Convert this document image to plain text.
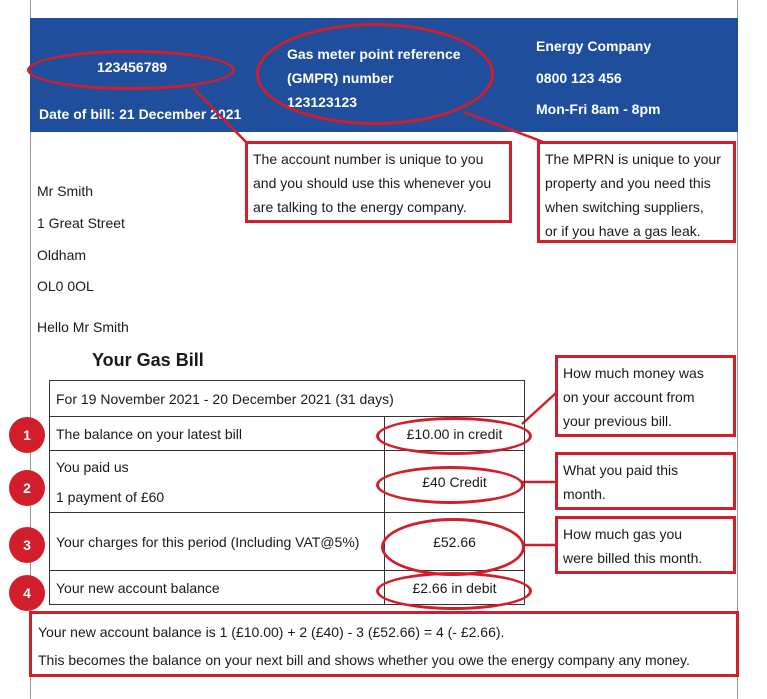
123456789
Date of bill: 21 December 2021
Gas meter point reference
(GMPR) number
123123123
Energy Company
0800 123 456
Mon-Fri 8am - 8pm
The account number is unique to you
and you should use this whenever you
are talking to the energy company.
The MPRN is unique to your
property and you need this
when switching suppliers,
or if you have a gas leak.
Mr Smith
1 Great Street
Oldham
OL0 0OL
Hello Mr Smith
Your Gas Bill
For 19 November 2021 - 20 December 2021 (31 days)	
The balance on your latest bill	£10.00 in credit

You paid us
1 payment of £60	£40 Credit
Your charges for this period (Including VAT@5%)	£52.66
Your new account balance	£2.66 in debit
1
2
3
4
How much money was
on your account from
your previous bill.
What you paid this
month.
How much gas you
were billed this month.
Your new account balance is 1 (£10.00) + 2 (£40) - 3 (£52.66) = 4 (- £2.66).
This becomes the balance on your next bill and shows whether you owe the energy company any money.
